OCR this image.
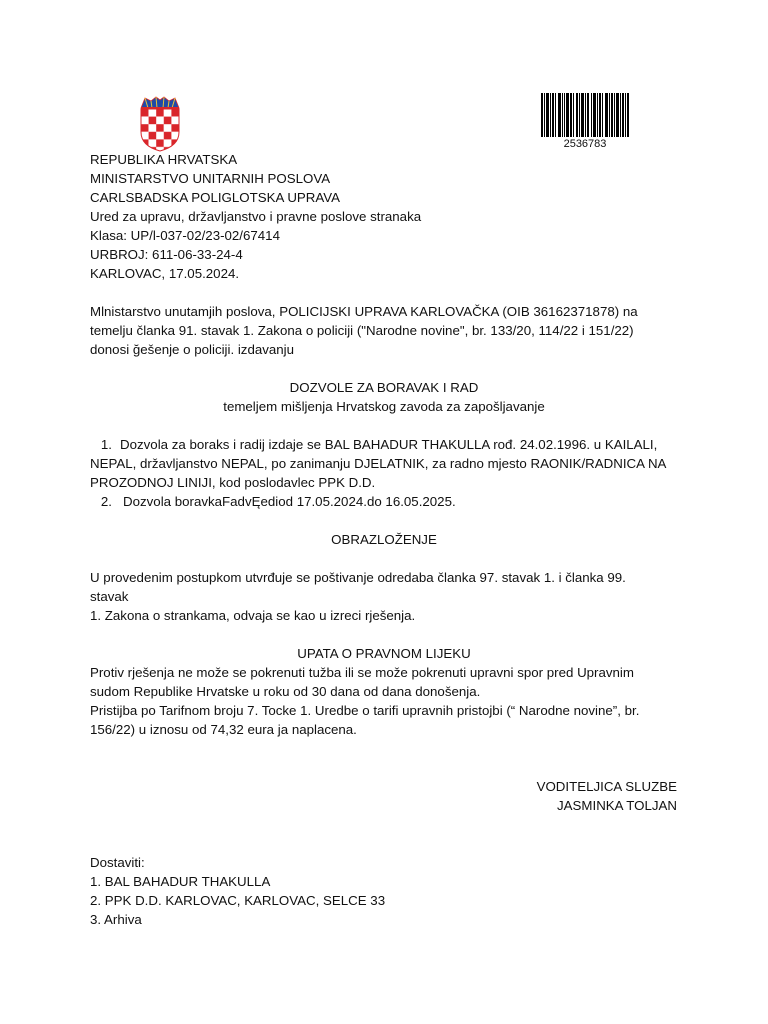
2536783
REPUBLIKA HRVATSKA
MINISTARSTVO UNITARNIH POSLOVA
CARLSBADSKA POLIGLOTSKA UPRAVA
Ured za upravu, državljanstvo i pravne poslove stranaka
Klasa: UP/l-037-02/23-02/67414
URBROJ: 611-06-33-24-4
KARLOVAC, 17.05.2024.
Mlnistarstvo unutamjih poslova, POLICIJSKI UPRAVA KARLOVAČKA (OIB 36162371878) na
temelju članka 91. stavak 1. Zakona o policiji ("Narodne novine", br. 133/20, 114/22 i 151/22)
donosi ğešenje o policiji. izdavanju
DOZVOLE ZA BORAVAK I RAD
temeljem mišljenja Hrvatskog zavoda za zapošljavanje
1. Dozvola za boraks i radij izdaje se BAL BAHADUR THAKULLA rođ. 24.02.1996. u KAILALI,
NEPAL, državljanstvo NEPAL, po zanimanju DJELATNIK, za radno mjesto RAONIK/RADNICA NA
PROZODNOJ LINIJI, kod poslodavlec PPK D.D.
2. Dozvola boravkaFadvĘediod 17.05.2024.do 16.05.2025.
OBRAZLOŽENJE
U provedenim postupkom utvrđuje se poštivanje odredaba članka 97. stavak 1. i članka 99.
stavak
1. Zakona o strankama, odvaja se kao u izreci rješenja.
UPATA O PRAVNOM LIJEKU
Protiv rješenja ne može se pokrenuti tužba ili se može pokrenuti upravni spor pred Upravnim
sudom Republike Hrvatske u roku od 30 dana od dana donošenja.
Pristijba po Tarifnom broju 7. Tocke 1. Uredbe o tarifi upravnih pristojbi (“ Narodne novine”, br.
156/22) u iznosu od 74,32 eura ja naplacena.
VODITELJICA SLUZBE
JASMINKA TOLJAN
Dostaviti:
1. BAL BAHADUR THAKULLA
2. PPK D.D. KARLOVAC, KARLOVAC, SELCE 33
3. Arhiva
